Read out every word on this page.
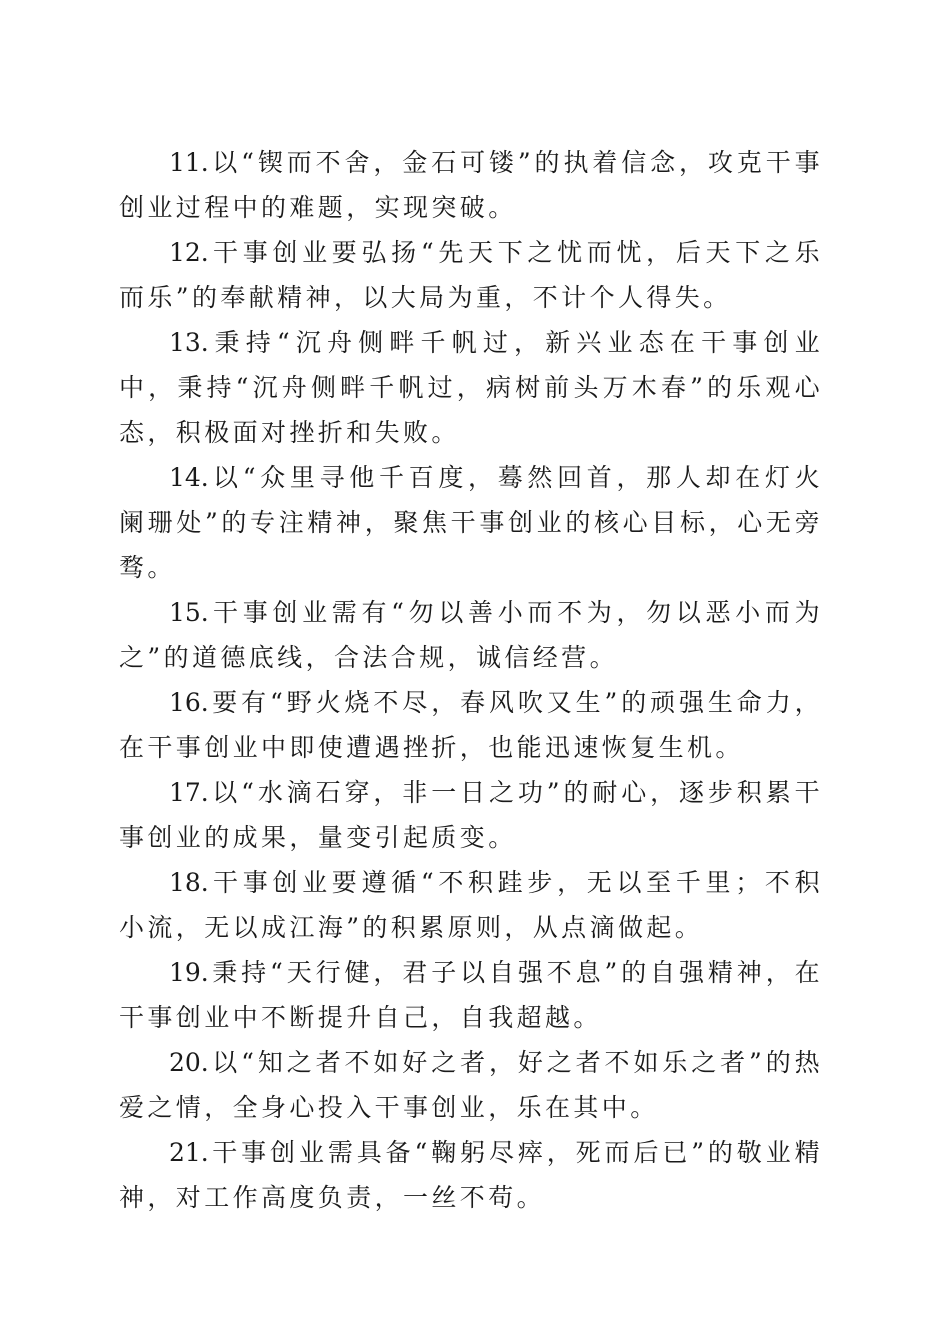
11. 以“锲而不舍，金石可镂”的执着信念，攻克干事创业过程中的难题，实现突破。

12. 干事创业要弘扬“先天下之忧而忧，后天下之乐而乐”的奉献精神，以大局为重，不计个人得失。

13. 秉持“沉舟侧畔千帆过，新兴业态在干事创业中，秉持“沉舟侧畔千帆过，病树前头万木春”的乐观心态，积极面对挫折和失败。

14. 以“众里寻他千百度，蓦然回首，那人却在灯火阑珊处”的专注精神，聚焦干事创业的核心目标，心无旁骛。

15. 干事创业需有“勿以善小而不为，勿以恶小而为之”的道德底线，合法合规，诚信经营。

16. 要有“野火烧不尽，春风吹又生”的顽强生命力，在干事创业中即使遭遇挫折，也能迅速恢复生机。

17. 以“水滴石穿，非一日之功”的耐心，逐步积累干事创业的成果，量变引起质变。

18. 干事创业要遵循“不积跬步，无以至千里；不积小流，无以成江海”的积累原则，从点滴做起。

19. 秉持“天行健，君子以自强不息”的自强精神，在干事创业中不断提升自己，自我超越。

20. 以“知之者不如好之者，好之者不如乐之者”的热爱之情，全身心投入干事创业，乐在其中。

21. 干事创业需具备“鞠躬尽瘁，死而后已”的敬业精神，对工作高度负责，一丝不苟。
